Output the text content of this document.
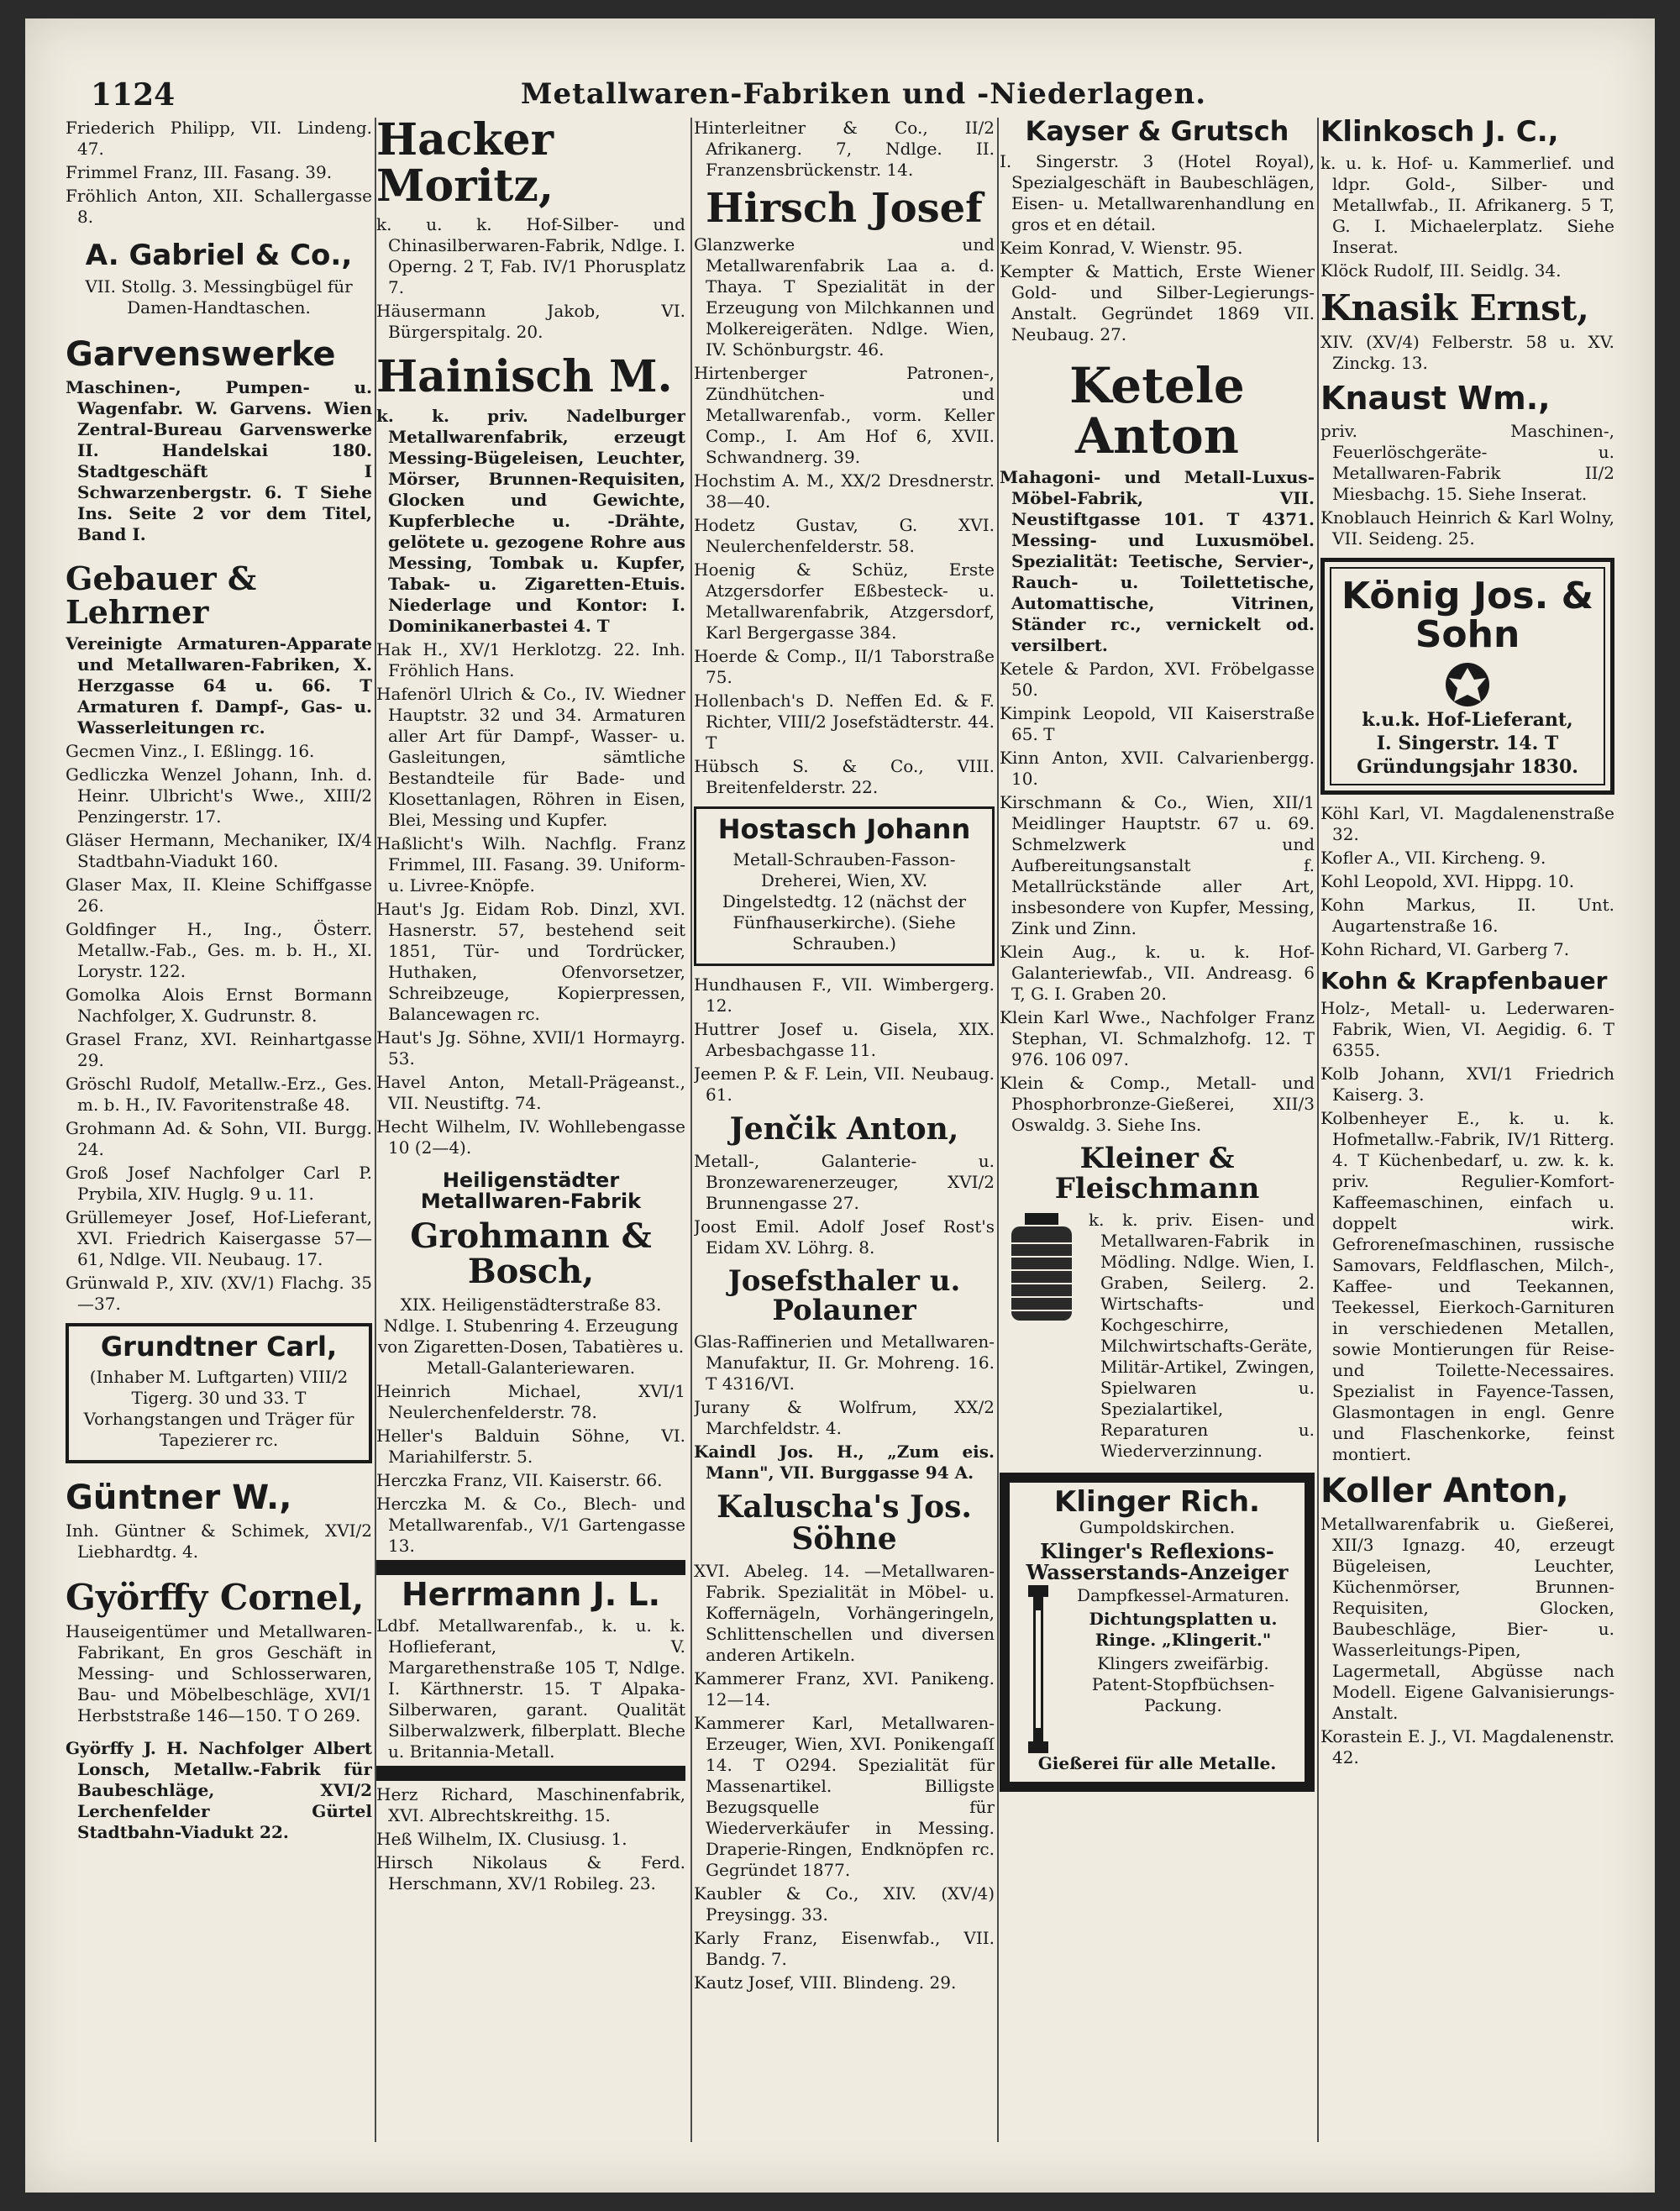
1124	Metallwaren-Fabriken und -Niederlagen.
Friederich Philipp, VII. Lindeng. 47.
Frimmel Franz, III. Fasang. 39.
Fröhlich Anton, XII. Schallergasse 8.
A. Gabriel & Co.,
VII. Stollg. 3. Messingbügel für Damen-Handtaschen.
Garvenswerke
Maschinen-, Pumpen- u. Wagenfabr. W. Garvens. Wien Zentral-Bureau Garvenswerke II. Handelskai 180. Stadtgeschäft I Schwarzenbergstr. 6. T Siehe Ins. Seite 2 vor dem Titel, Band I.
Gebauer & Lehrner
Vereinigte Armaturen-Apparate und Metallwaren-Fabriken, X. Herzgasse 64 u. 66. T Armaturen f. Dampf-, Gas- u. Wasserleitungen rc.
Gecmen Vinz., I. Eßlingg. 16.
Gedliczka Wenzel Johann, Inh. d. Heinr. Ulbricht's Wwe., XIII/2 Penzingerstr. 17.
Gläser Hermann, Mechaniker, IX/4 Stadtbahn-Viadukt 160.
Glaser Max, II. Kleine Schiffgasse 26.
Goldfinger H., Ing., Österr. Metallw.-Fab., Ges. m. b. H., XI. Lorystr. 122.
Gomolka Alois Ernst Bormann Nachfolger, X. Gudrunstr. 8.
Grasel Franz, XVI. Reinhartgasse 29.
Gröschl Rudolf, Metallw.-Erz., Ges. m. b. H., IV. Favoritenstraße 48.
Grohmann Ad. & Sohn, VII. Burgg. 24.
Groß Josef Nachfolger Carl P. Prybila, XIV. Huglg. 9 u. 11.
Grüllemeyer Josef, Hof-Lieferant, XVI. Friedrich Kaisergasse 57—61, Ndlge. VII. Neubaug. 17.
Grünwald P., XIV. (XV/1) Flachg. 35—37.
Grundtner Carl,
(Inhaber M. Luftgarten) VIII/2 Tigerg. 30 und 33. T Vorhangstangen und Träger für Tapezierer rc.
Güntner W.,
Inh. Güntner & Schimek, XVI/2 Liebhardtg. 4.
Györffy Cornel,
Hauseigentümer und Metallwaren-Fabrikant, En gros Geschäft in Messing- und Schlosserwaren, Bau- und Möbelbeschläge, XVI/1 Herbststraße 146—150. T O 269.
Györffy J. H. Nachfolger Albert Lonsch, Metallw.-Fabrik für Baubeschläge, XVI/2 Lerchenfelder Gürtel Stadtbahn-Viadukt 22.
Hacker Moritz,
k. u. k. Hof-Silber- und Chinasilberwaren-Fabrik, Ndlge. I. Operng. 2 T, Fab. IV/1 Phorusplatz 7.
Häusermann Jakob, VI. Bürgerspitalg. 20.
Hainisch M.
k. k. priv. Nadelburger Metallwarenfabrik, erzeugt Messing-Bügeleisen, Leuchter, Mörser, Brunnen-Requisiten, Glocken und Gewichte, Kupferbleche u. -Drähte, gelötete u. gezogene Rohre aus Messing, Tombak u. Kupfer, Tabak- u. Zigaretten-Etuis. Niederlage und Kontor: I. Dominikanerbastei 4. T
Hak H., XV/1 Herklotzg. 22. Inh. Fröhlich Hans.
Hafenörl Ulrich & Co., IV. Wiedner Hauptstr. 32 und 34. Armaturen aller Art für Dampf-, Wasser- u. Gasleitungen, sämtliche Bestandteile für Bade- und Klosettanlagen, Röhren in Eisen, Blei, Messing und Kupfer.
Haßlicht's Wilh. Nachflg. Franz Frimmel, III. Fasang. 39. Uniform- u. Livree-Knöpfe.
Haut's Jg. Eidam Rob. Dinzl, XVI. Hasnerstr. 57, bestehend seit 1851, Tür- und Tordrücker, Huthaken, Ofenvorsetzer, Schreibzeuge, Kopierpressen, Balancewagen rc.
Haut's Jg. Söhne, XVII/1 Hormayrg. 53.
Havel Anton, Metall-Prägeanst., VII. Neustiftg. 74.
Hecht Wilhelm, IV. Wohllebengasse 10 (2—4).
Heiligenstädter Metallwaren-Fabrik
Grohmann & Bosch,
XIX. Heiligenstädterstraße 83. Ndlge. I. Stubenring 4. Erzeugung von Zigaretten-Dosen, Tabatières u. Metall-Galanteriewaren.
Heinrich Michael, XVI/1 Neulerchenfelderstr. 78.
Heller's Balduin Söhne, VI. Mariahilferstr. 5.
Herczka Franz, VII. Kaiserstr. 66.
Herczka M. & Co., Blech- und Metallwarenfab., V/1 Gartengasse 13.
Herrmann J. L.
Ldbf. Metallwarenfab., k. u. k. Hoflieferant, V. Margarethenstraße 105 T, Ndlge. I. Kärthnerstr. 15. T Alpaka-Silberwaren, garant. Qualität Silberwalzwerk, filberplatt. Bleche u. Britannia-Metall.
Herz Richard, Maschinenfabrik, XVI. Albrechtskreithg. 15.
Heß Wilhelm, IX. Clusiusg. 1.
Hirsch Nikolaus & Ferd. Herschmann, XV/1 Robileg. 23.
Hinterleitner & Co., II/2 Afrikanerg. 7, Ndlge. II. Franzensbrückenstr. 14.
Hirsch Josef
Glanzwerke und Metallwarenfabrik Laa a. d. Thaya. T Spezialität in der Erzeugung von Milchkannen und Molkereigeräten. Ndlge. Wien, IV. Schönburgstr. 46.
Hirtenberger Patronen-, Zündhütchen- und Metallwarenfab., vorm. Keller Comp., I. Am Hof 6, XVII. Schwandnerg. 39.
Hochstim A. M., XX/2 Dresdnerstr. 38—40.
Hodetz Gustav, G. XVI. Neulerchenfelderstr. 58.
Hoenig & Schüz, Erste Atzgersdorfer Eßbesteck- u. Metallwarenfabrik, Atzgersdorf, Karl Bergergasse 384.
Hoerde & Comp., II/1 Taborstraße 75.
Hollenbach's D. Neffen Ed. & F. Richter, VIII/2 Josefstädterstr. 44. T
Hübsch S. & Co., VIII. Breitenfelderstr. 22.
Hostasch Johann
Metall-Schrauben-Fasson-Dreherei, Wien, XV. Dingelstedtg. 12 (nächst der Fünfhauserkirche). (Siehe Schrauben.)
Hundhausen F., VII. Wimbergerg. 12.
Huttrer Josef u. Gisela, XIX. Arbesbachgasse 11.
Jeemen P. & F. Lein, VII. Neubaug. 61.
Jenčik Anton,
Metall-, Galanterie- u. Bronzewarenerzeuger, XVI/2 Brunnengasse 27.
Joost Emil. Adolf Josef Rost's Eidam XV. Löhrg. 8.
Josefsthaler u. Polauner
Glas-Raffinerien und Metallwaren-Manufaktur, II. Gr. Mohreng. 16. T 4316/VI.
Jurany & Wolfrum, XX/2 Marchfeldstr. 4.
Kaindl Jos. H., „Zum eis. Mann", VII. Burggasse 94 A.
Kaluscha's Jos. Söhne
XVI. Abeleg. 14. —Metallwaren-Fabrik. Spezialität in Möbel- u. Koffernägeln, Vorhängeringeln, Schlittenschellen und diversen anderen Artikeln.
Kammerer Franz, XVI. Panikeng. 12—14.
Kammerer Karl, Metallwaren-Erzeuger, Wien, XVI. Ponikengaſſ 14. T O294. Spezialität für Massenartikel. Billigste Bezugsquelle für Wiederverkäufer in Messing. Draperie-Ringen, Endknöpfen rc. Gegründet 1877.
Kaubler & Co., XIV. (XV/4) Preysingg. 33.
Karly Franz, Eisenwfab., VII. Bandg. 7.
Kautz Josef, VIII. Blindeng. 29.
Kayser & Grutsch
I. Singerstr. 3 (Hotel Royal), Spezialgeschäft in Baubeschlägen, Eisen- u. Metallwarenhandlung en gros et en détail.
Keim Konrad, V. Wienstr. 95.
Kempter & Mattich, Erste Wiener Gold- und Silber-Legierungs-Anstalt. Gegründet 1869 VII. Neubaug. 27.
Ketele Anton
Mahagoni- und Metall-Luxus-Möbel-Fabrik, VII. Neustiftgasse 101. T 4371. Messing- und Luxusmöbel. Spezialität: Teetische, Servier-, Rauch- u. Toilettetische, Automattische, Vitrinen, Ständer rc., vernickelt od. versilbert.
Ketele & Pardon, XVI. Fröbelgasse 50.
Kimpink Leopold, VII Kaiserstraße 65. T
Kinn Anton, XVII. Calvarienbergg. 10.
Kirschmann & Co., Wien, XII/1 Meidlinger Hauptstr. 67 u. 69. Schmelzwerk und Aufbereitungsanstalt f. Metallrückstände aller Art, insbesondere von Kupfer, Messing, Zink und Zinn.
Klein Aug., k. u. k. Hof-Galanteriewfab., VII. Andreasg. 6 T, G. I. Graben 20.
Klein Karl Wwe., Nachfolger Franz Stephan, VI. Schmalzhofg. 12. T 976. 106 097.
Klein & Comp., Metall- und Phosphorbronze-Gießerei, XII/3 Oswaldg. 3. Siehe Ins.
Kleiner & Fleischmann
k. k. priv. Eisen- und Metallwaren-Fabrik in Mödling. Ndlge. Wien, I. Graben, Seilerg. 2. Wirtschafts- und Kochgeschirre, Milchwirtschafts-Geräte, Militär-Artikel, Zwingen, Spielwaren u. Spezialartikel, Reparaturen u. Wiederverzinnung.
Klinger Rich.
Gumpoldskirchen.
Klinger's Reflexions-Wasserstands-Anzeiger
Dampfkessel-Armaturen.
Dichtungsplatten u. Ringe. „Klingerit."
Klingers zweifärbig. Patent-Stopfbüchsen-Packung.
Gießerei für alle Metalle.
Klinkosch J. C.,
k. u. k. Hof- u. Kammerlief. und ldpr. Gold-, Silber- und Metallwfab., II. Afrikanerg. 5 T, G. I. Michaelerplatz. Siehe Inserat.
Klöck Rudolf, III. Seidlg. 34.
Knasik Ernst,
XIV. (XV/4) Felberstr. 58 u. XV. Zinckg. 13.
Knaust Wm.,
priv. Maschinen-, Feuerlöschgeräte- u. Metallwaren-Fabrik II/2 Miesbachg. 15. Siehe Inserat.
Knoblauch Heinrich & Karl Wolny, VII. Seideng. 25.
König Jos. & Sohn
k.u.k. Hof-Lieferant,
I. Singerstr. 14. T
Gründungsjahr 1830.
Köhl Karl, VI. Magdalenenstraße 32.
Kofler A., VII. Kircheng. 9.
Kohl Leopold, XVI. Hippg. 10.
Kohn Markus, II. Unt. Augartenstraße 16.
Kohn Richard, VI. Garberg 7.
Kohn & Krapfenbauer
Holz-, Metall- u. Lederwaren-Fabrik, Wien, VI. Aegidig. 6. T 6355.
Kolb Johann, XVI/1 Friedrich Kaiserg. 3.
Kolbenheyer E., k. u. k. Hofmetallw.-Fabrik, IV/1 Ritterg. 4. T Küchenbedarf, u. zw. k. k. priv. Regulier-Komfort-Kaffeemaschinen, einfach u. doppelt wirk. Gefroreneſmaschinen, russische Samovars, Feldflaschen, Milch-, Kaffee- und Teekannen, Teekessel, Eierkoch-Garnituren in verschiedenen Metallen, sowie Montierungen für Reise- und Toilette-Necessaires. Spezialist in Fayence-Tassen, Glasmontagen in engl. Genre und Flaschenkorke, feinst montiert.
Koller Anton,
Metallwarenfabrik u. Gießerei, XII/3 Ignazg. 40, erzeugt Bügeleisen, Leuchter, Küchenmörser, Brunnen-Requisiten, Glocken, Baubeschläge, Bier- u. Wasserleitungs-Pipen, Lagermetall, Abgüsse nach Modell. Eigene Galvanisierungs-Anstalt.
Korastein E. J., VI. Magdalenenstr. 42.
